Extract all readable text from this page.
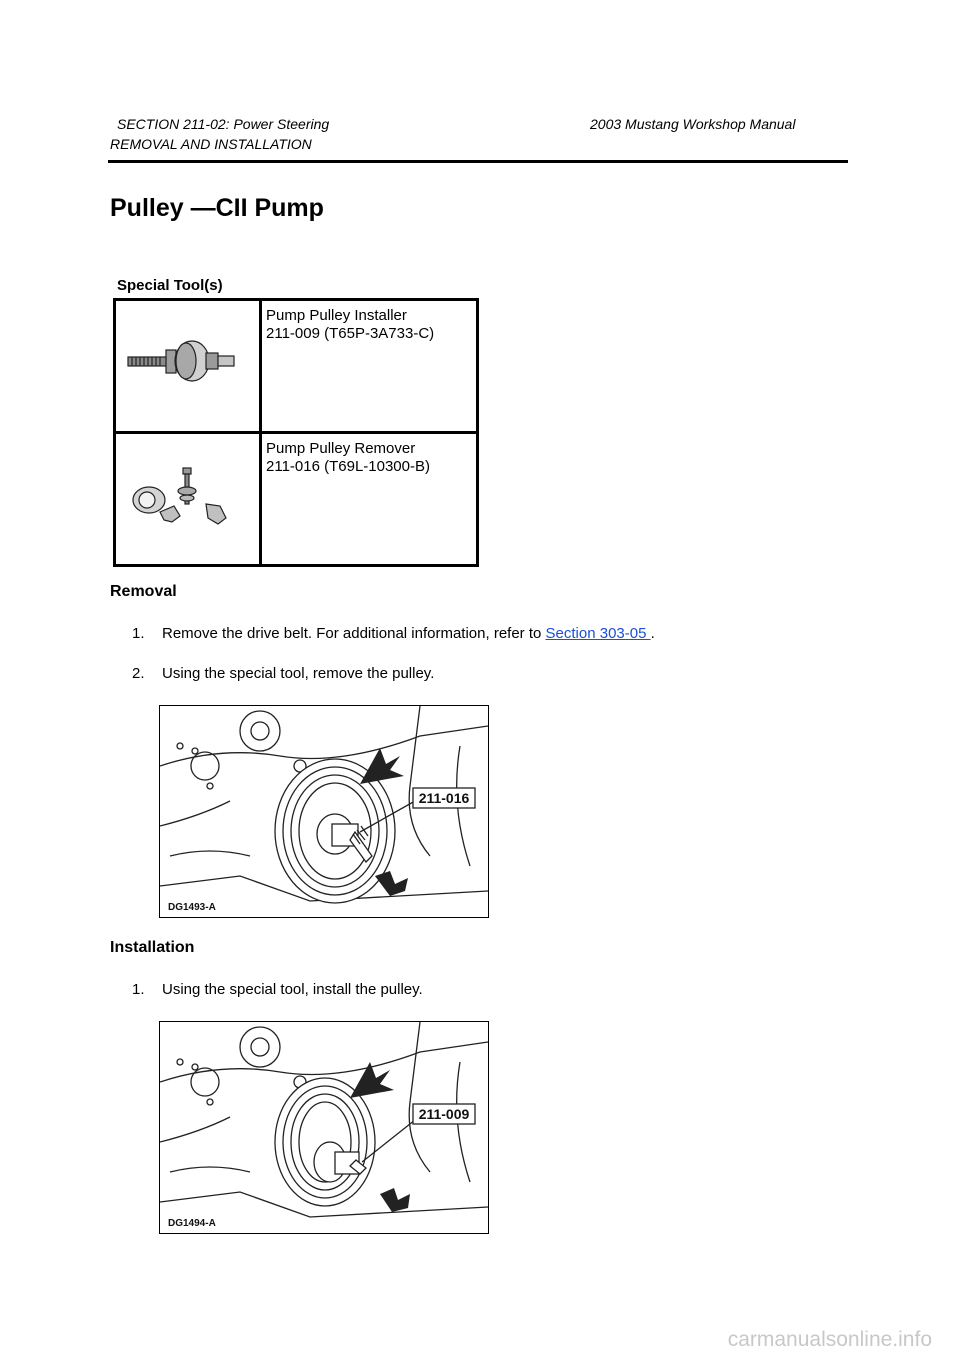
SECTION 211-02: Power Steering	2003 Mustang Workshop Manual
REMOVAL AND INSTALLATION
Pulley —CII Pump
Special Tool(s)

Pump Pulley Installer
211-009 (T65P-3A733-C)

Pump Pulley Remover
211-016 (T69L-10300-B)
Removal
1. Remove the drive belt. For additional information, refer to Section 303-05 .
2. Using the special tool, remove the pulley.
211-016
DG1493-A
Installation
1. Using the special tool, install the pulley.
211-009
DG1494-A
carmanualsonline.info
